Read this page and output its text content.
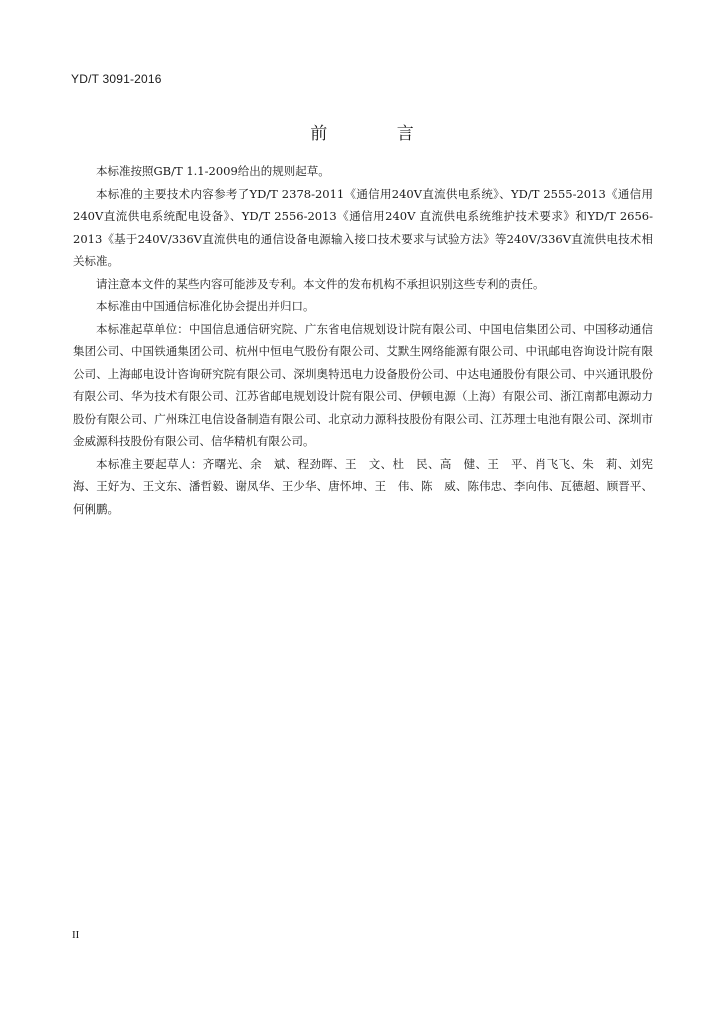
YD/T 3091-2016
前 言

本标准按照GB/T 1.1-2009给出的规则起草。

本标准的主要技术内容参考了YD/T 2378-2011《通信用240V直流供电系统》、YD/T 2555-2013《通信用240V直流供电系统配电设备》、YD/T 2556-2013《通信用240V 直流供电系统维护技术要求》和YD/T 2656-2013《基于240V/336V直流供电的通信设备电源输入接口技术要求与试验方法》等240V/336V直流供电技术相关标准。

请注意本文件的某些内容可能涉及专利。本文件的发布机构不承担识别这些专利的责任。

本标准由中国通信标准化协会提出并归口。

本标准起草单位：中国信息通信研究院、广东省电信规划设计院有限公司、中国电信集团公司、中国移动通信集团公司、中国铁通集团公司、杭州中恒电气股份有限公司、艾默生网络能源有限公司、中讯邮电咨询设计院有限公司、上海邮电设计咨询研究院有限公司、深圳奥特迅电力设备股份公司、中达电通股份有限公司、中兴通讯股份有限公司、华为技术有限公司、江苏省邮电规划设计院有限公司、伊顿电源（上海）有限公司、浙江南都电源动力股份有限公司、广州珠江电信设备制造有限公司、北京动力源科技股份有限公司、江苏理士电池有限公司、深圳市金威源科技股份有限公司、信华精机有限公司。

本标准主要起草人：齐曙光、余　斌、程劲晖、王　文、杜　民、高　健、王　平、肖飞飞、朱　莉、刘宪海、王好为、王文东、潘哲毅、谢凤华、王少华、唐怀坤、王　伟、陈　威、陈伟忠、李向伟、瓦德超、顾晋平、何俐鹏。

II
